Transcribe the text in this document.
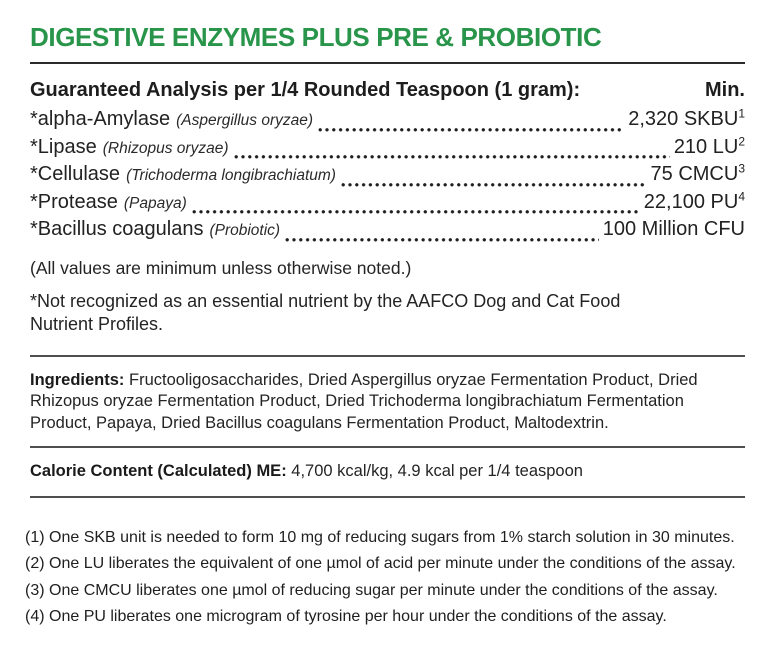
DIGESTIVE ENZYMES PLUS PRE & PROBIOTIC
Guaranteed Analysis per 1/4 Rounded Teaspoon (1 gram):	Min.
*alpha-Amylase (Aspergillus oryzae)	2,320 SKBU$^1$
*Lipase (Rhizopus oryzae)	210 $LU^2$
*Cellulase (Trichoderma longibrachiatum)	75 CMCU$^3$
*Protease (Papaya)	22,100 $PU^4$
*Bacillus coagulans (Probiotic)	100 Million CFU
(All values are minimum unless otherwise noted.)
*Not recognized as an essential nutrient by the AAFCO Dog and Cat Food Nutrient Profiles.
Ingredients: Fructooligosaccharides, Dried Aspergillus oryzae Fermentation Product, Dried Rhizopus oryzae Fermentation Product, Dried Trichoderma longibrachiatum Fermentation Product, Papaya, Dried Bacillus coagulans Fermentation Product, Maltodextrin.
Calorie Content (Calculated) ME: 4,700 kcal/kg, 4.9 kcal per 1/4 teaspoon
(1) One SKB unit is needed to form 10 mg of reducing sugars from 1% starch solution in 30 minutes.
(2) One LU liberates the equivalent of one µmol of acid per minute under the conditions of the assay.
(3) One CMCU liberates one µmol of reducing sugar per minute under the conditions of the assay.
(4) One PU liberates one microgram of tyrosine per hour under the conditions of the assay.
